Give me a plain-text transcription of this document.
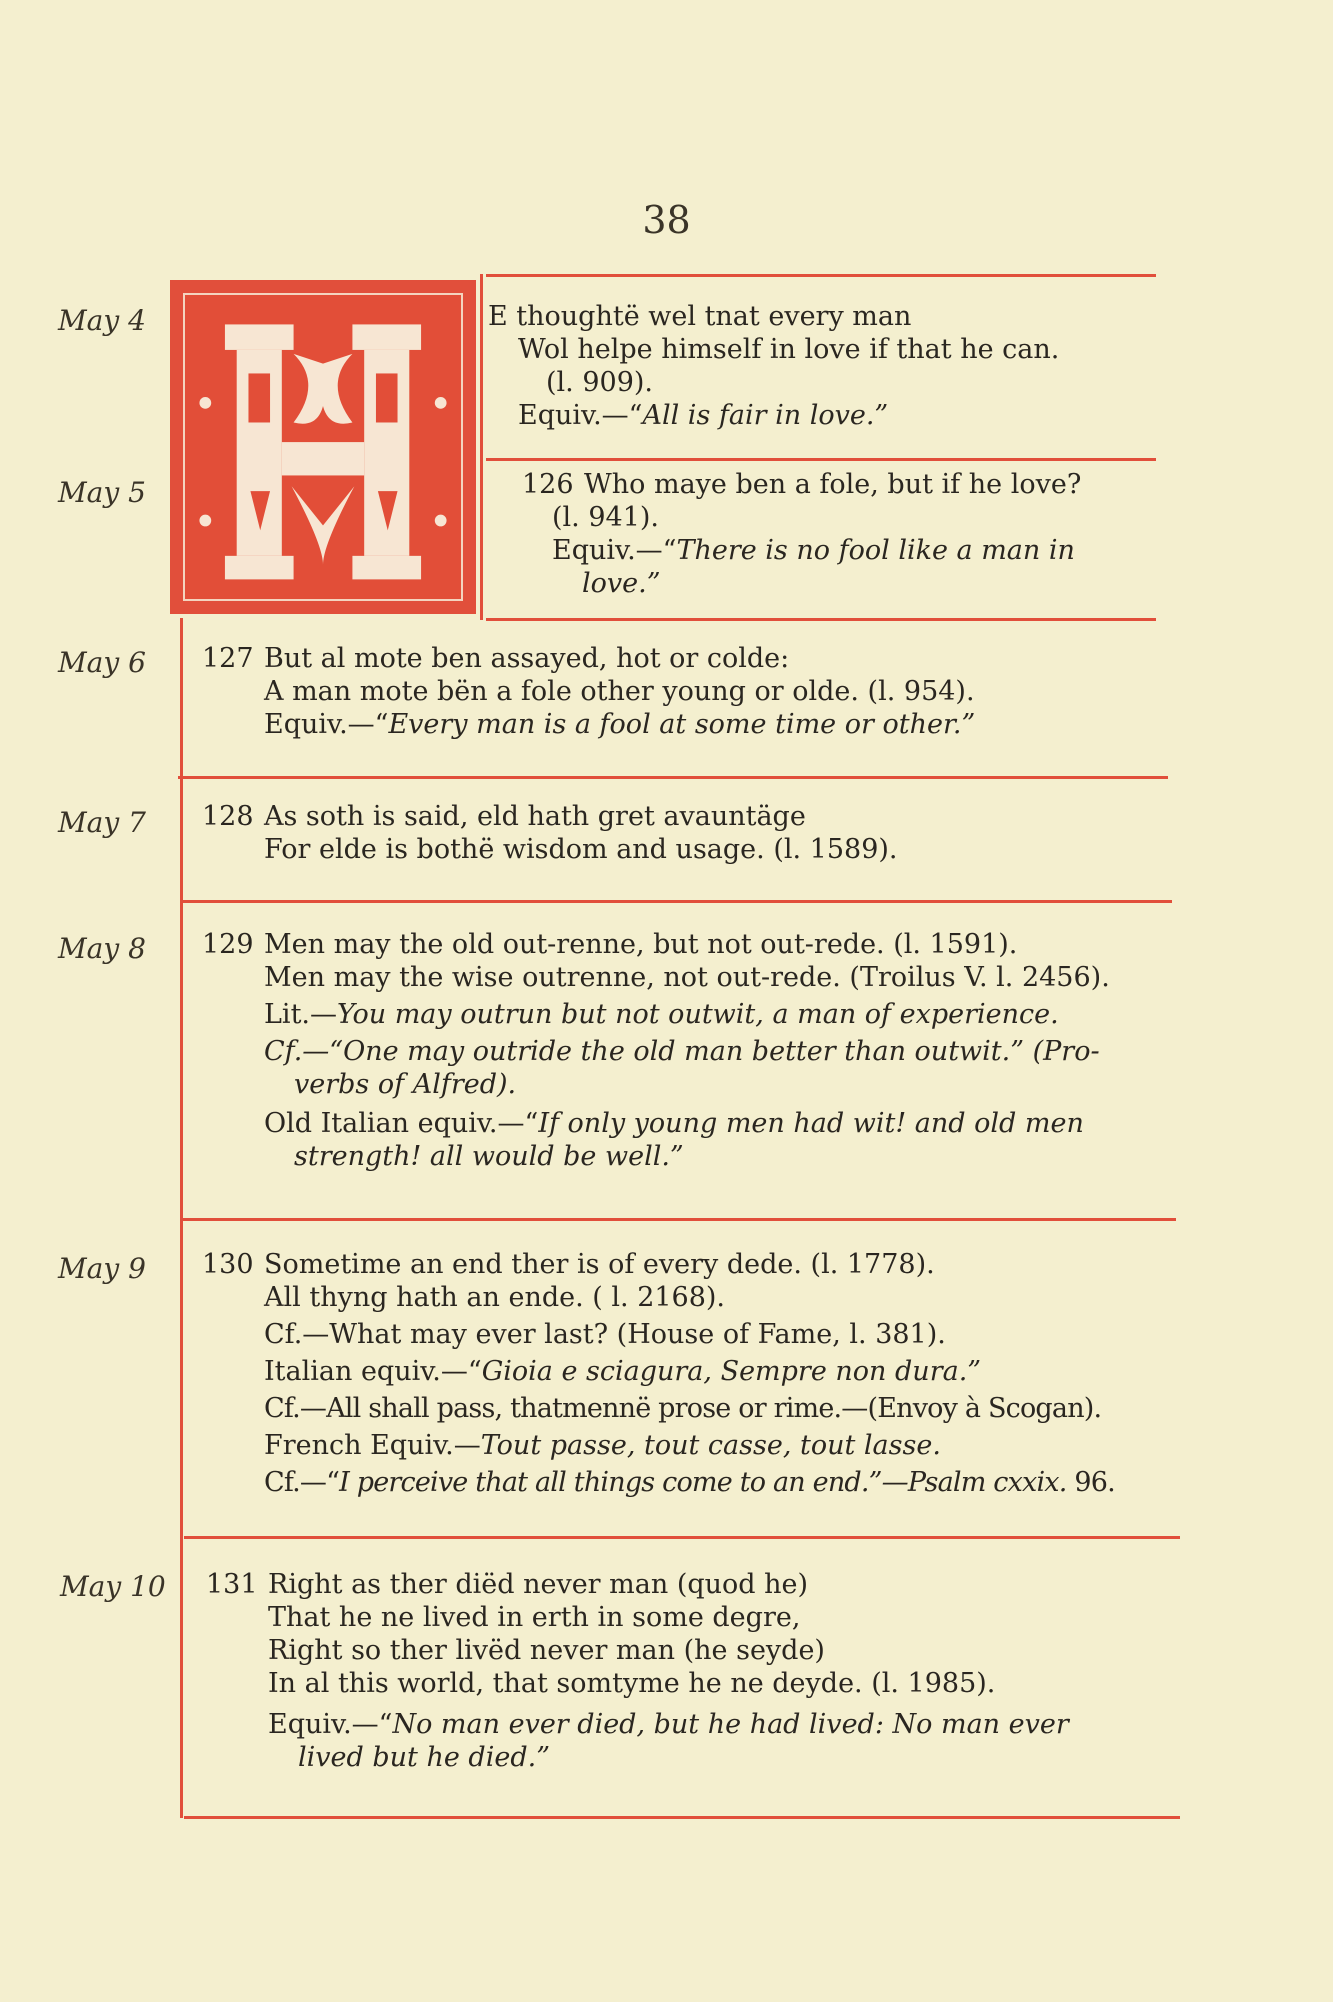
38
May 4
May 5
May 6
May 7
May 8
May 9
May 10
E thoughtë wel tnat every man
Wol helpe himself in love if that he can.
(l. 909).
Equiv.—“All is fair in love.”
126 Who maye ben a fole, but if he love?
(l. 941).
Equiv.—“There is no fool like a man in
love.”
127 But al mote ben assayed, hot or colde:
A man mote bën a fole other young or olde. (l. 954).
Equiv.—“Every man is a fool at some time or other.”
128 As soth is said, eld hath gret avauntäge
For elde is bothë wisdom and usage. (l. 1589).
129 Men may the old out-renne, but not out-rede. (l. 1591).
Men may the wise outrenne, not out-rede. (Troilus V. l. 2456).
Lit.—You may outrun but not outwit, a man of experience.
Cf.—“One may outride the old man better than outwit.” (Pro-
verbs of Alfred).
Old Italian equiv.—“If only young men had wit! and old men
strength! all would be well.”
130 Sometime an end ther is of every dede. (l. 1778).
All thyng hath an ende. ( l. 2168).
Cf.—What may ever last? (House of Fame, l. 381).
Italian equiv.—“Gioia e sciagura, Sempre non dura.”
Cf.—All shall pass, thatmennë prose or rime.—(Envoy à Scogan).
French Equiv.—Tout passe, tout casse, tout lasse.
Cf.—“I perceive that all things come to an end.”—Psalm cxxix. 96.
131 Right as ther diëd never man (quod he)
That he ne lived in erth in some degre,
Right so ther livëd never man (he seyde)
In al this world, that somtyme he ne deyde. (l. 1985).
Equiv.—“No man ever died, but he had lived: No man ever
lived but he died.”
